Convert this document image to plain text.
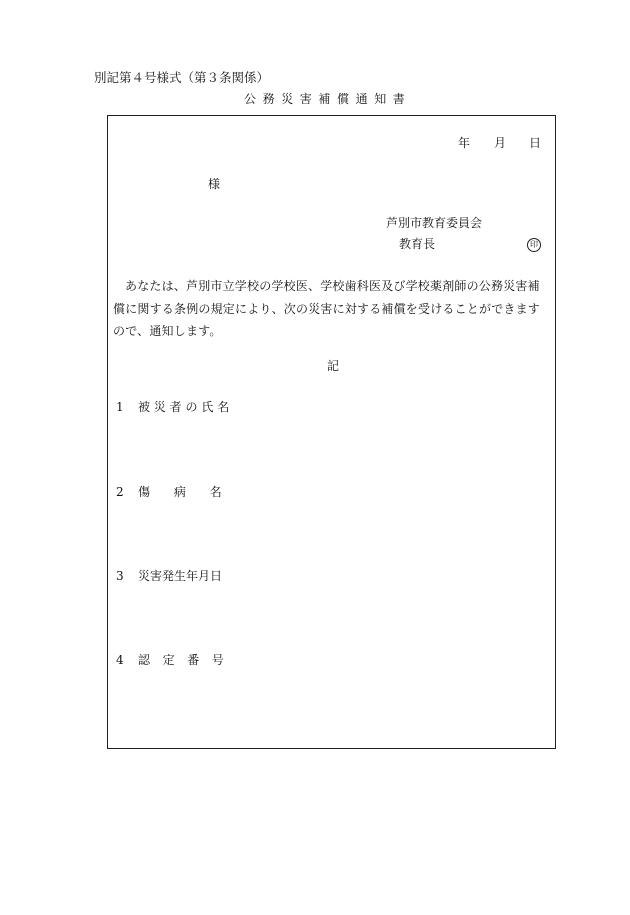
別記第４号様式（第３条関係）
公務災害補償通知書
年 月 日
様
芦別市教育委員会
教育長	印
あなたは、芦別市立学校の学校医、学校歯科医及び学校薬剤師の公務災害補償に関する条例の規定により、次の災害に対する補償を受けることができますので、通知します。
記
1 被災者の氏名
2 傷 病 名
3 災害発生年月日
4 認定番号
